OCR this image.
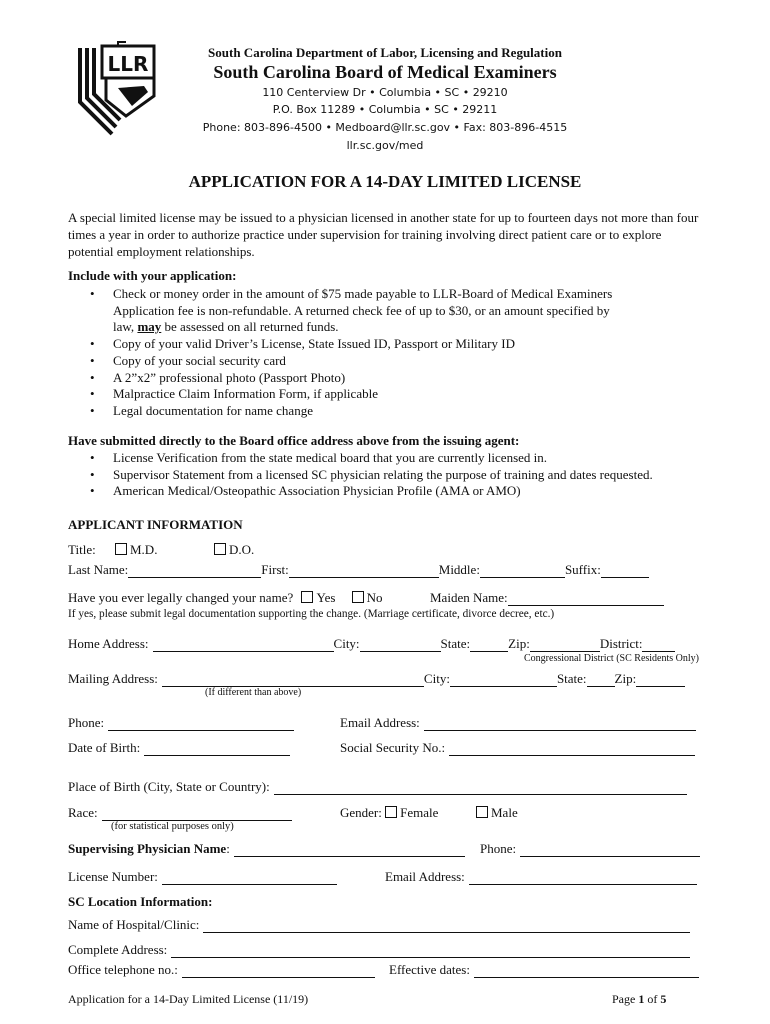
LLR	South Carolina Department of Labor, Licensing and Regulation
South Carolina Board of Medical Examiners
110 Centerview Dr • Columbia • SC • 29210
P.O. Box 11289 • Columbia • SC • 29211
Phone: 803-896-4500 • Medboard@llr.sc.gov • Fax: 803-896-4515
llr.sc.gov/med
APPLICATION FOR A 14-DAY LIMITED LICENSE
A special limited license may be issued to a physician licensed in another state for up to fourteen days not more than four times a year in order to authorize practice under supervision for training involving direct patient care or to explore potential employment relationships.
Include with your application:
• Check or money order in the amount of $75 made payable to LLR-Board of Medical Examiners
Application fee is non-refundable. A returned check fee of up to $30, or an amount specified by
law, may be assessed on all returned funds.
• Copy of your valid Driver’s License, State Issued ID, Passport or Military ID
• Copy of your social security card
• A 2”x2” professional photo (Passport Photo)
• Malpractice Claim Information Form, if applicable
• Legal documentation for name change
Have submitted directly to the Board office address above from the issuing agent:
• License Verification from the state medical board that you are currently licensed in.
• Supervisor Statement from a licensed SC physician relating the purpose of training and dates requested.
• American Medical/Osteopathic Association Physician Profile (AMA or AMO)
APPLICANT INFORMATION
Title:	M.D.	D.O.
Last Name:	First:	Middle:	Suffix:
Have you ever legally changed your name? Yes No	Maiden Name:
If yes, please submit legal documentation supporting the change. (Marriage certificate, divorce decree, etc.)
Home Address:	City:	State:	Zip:	District:
Congressional District (SC Residents Only)
Mailing Address:	City:	State: Zip:
(If different than above)
Phone:	Email Address:
Date of Birth:	Social Security No.:
Place of Birth (City, State or Country):
Race:	Gender: Female	Male
(for statistical purposes only)
Supervising Physician Name:	Phone:
License Number:	Email Address:
SC Location Information:
Name of Hospital/Clinic:
Complete Address:
Office telephone no.:	Effective dates:
Application for a 14-Day Limited License (11/19)	Page 1 of 5
